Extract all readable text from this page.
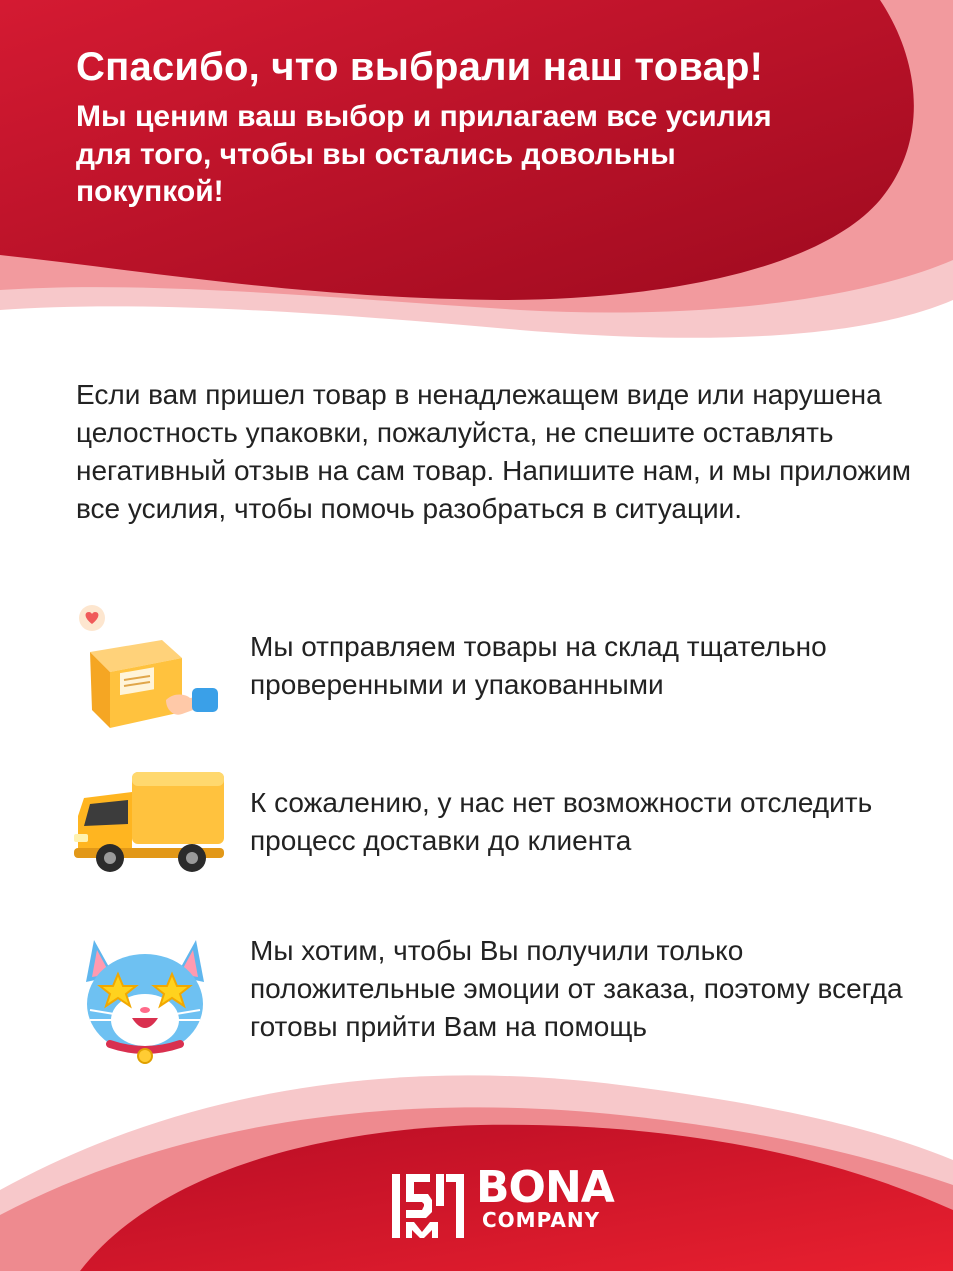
Спасибо, что выбрали наш товар!

Мы ценим ваш выбор и прилагаем все усилия для того, чтобы вы остались довольны покупкой!

Если вам пришел товар в ненадлежащем виде или нарушена целостность упаковки, пожалуйста, не спешите оставлять негативный отзыв на сам товар. Напишите нам, и мы приложим все усилия, чтобы помочь разобраться в ситуации.

Мы отправляем товары на склад тщательно проверенными и упакованными

К сожалению, у нас нет возможности отследить процесс доставки до клиента

Мы хотим, чтобы Вы получили только положительные эмоции от заказа, поэтому всегда готовы прийти Вам на помощь

BONA
COMPANY
